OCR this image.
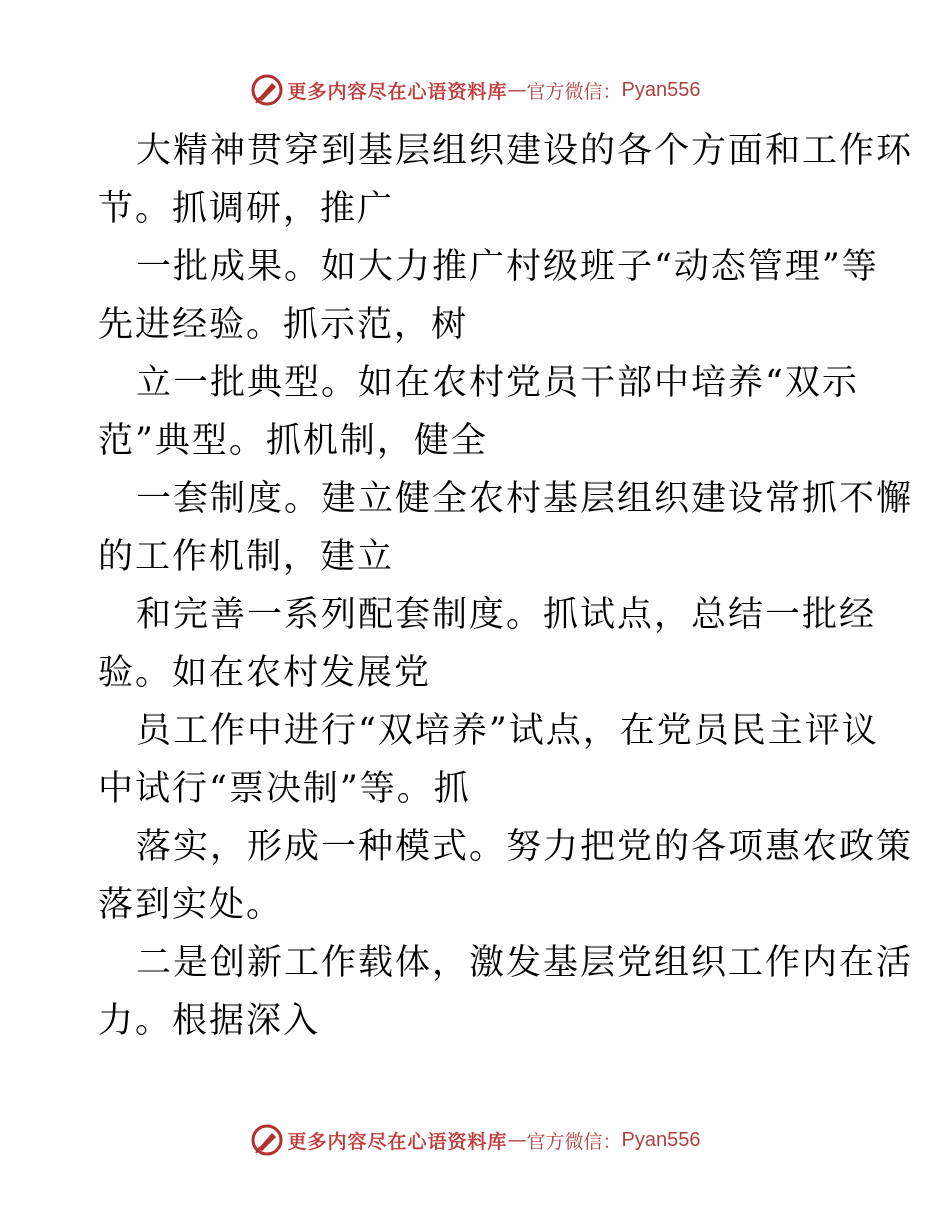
更多内容尽在心语资料库 — 官方微信： Pyan556
大精神贯穿到基层组织建设的各个方面和工作环
节。抓调研，推广
一批成果。如大力推广村级班子“动态管理”等
先进经验。抓示范，树
立一批典型。如在农村党员干部中培养“双示
范”典型。抓机制，健全
一套制度。建立健全农村基层组织建设常抓不懈
的工作机制，建立
和完善一系列配套制度。抓试点，总结一批经
验。如在农村发展党
员工作中进行“双培养”试点，在党员民主评议
中试行“票决制”等。抓
落实，形成一种模式。努力把党的各项惠农政策
落到实处。
二是创新工作载体，激发基层党组织工作内在活
力。根据深入
更多内容尽在心语资料库 — 官方微信： Pyan556
